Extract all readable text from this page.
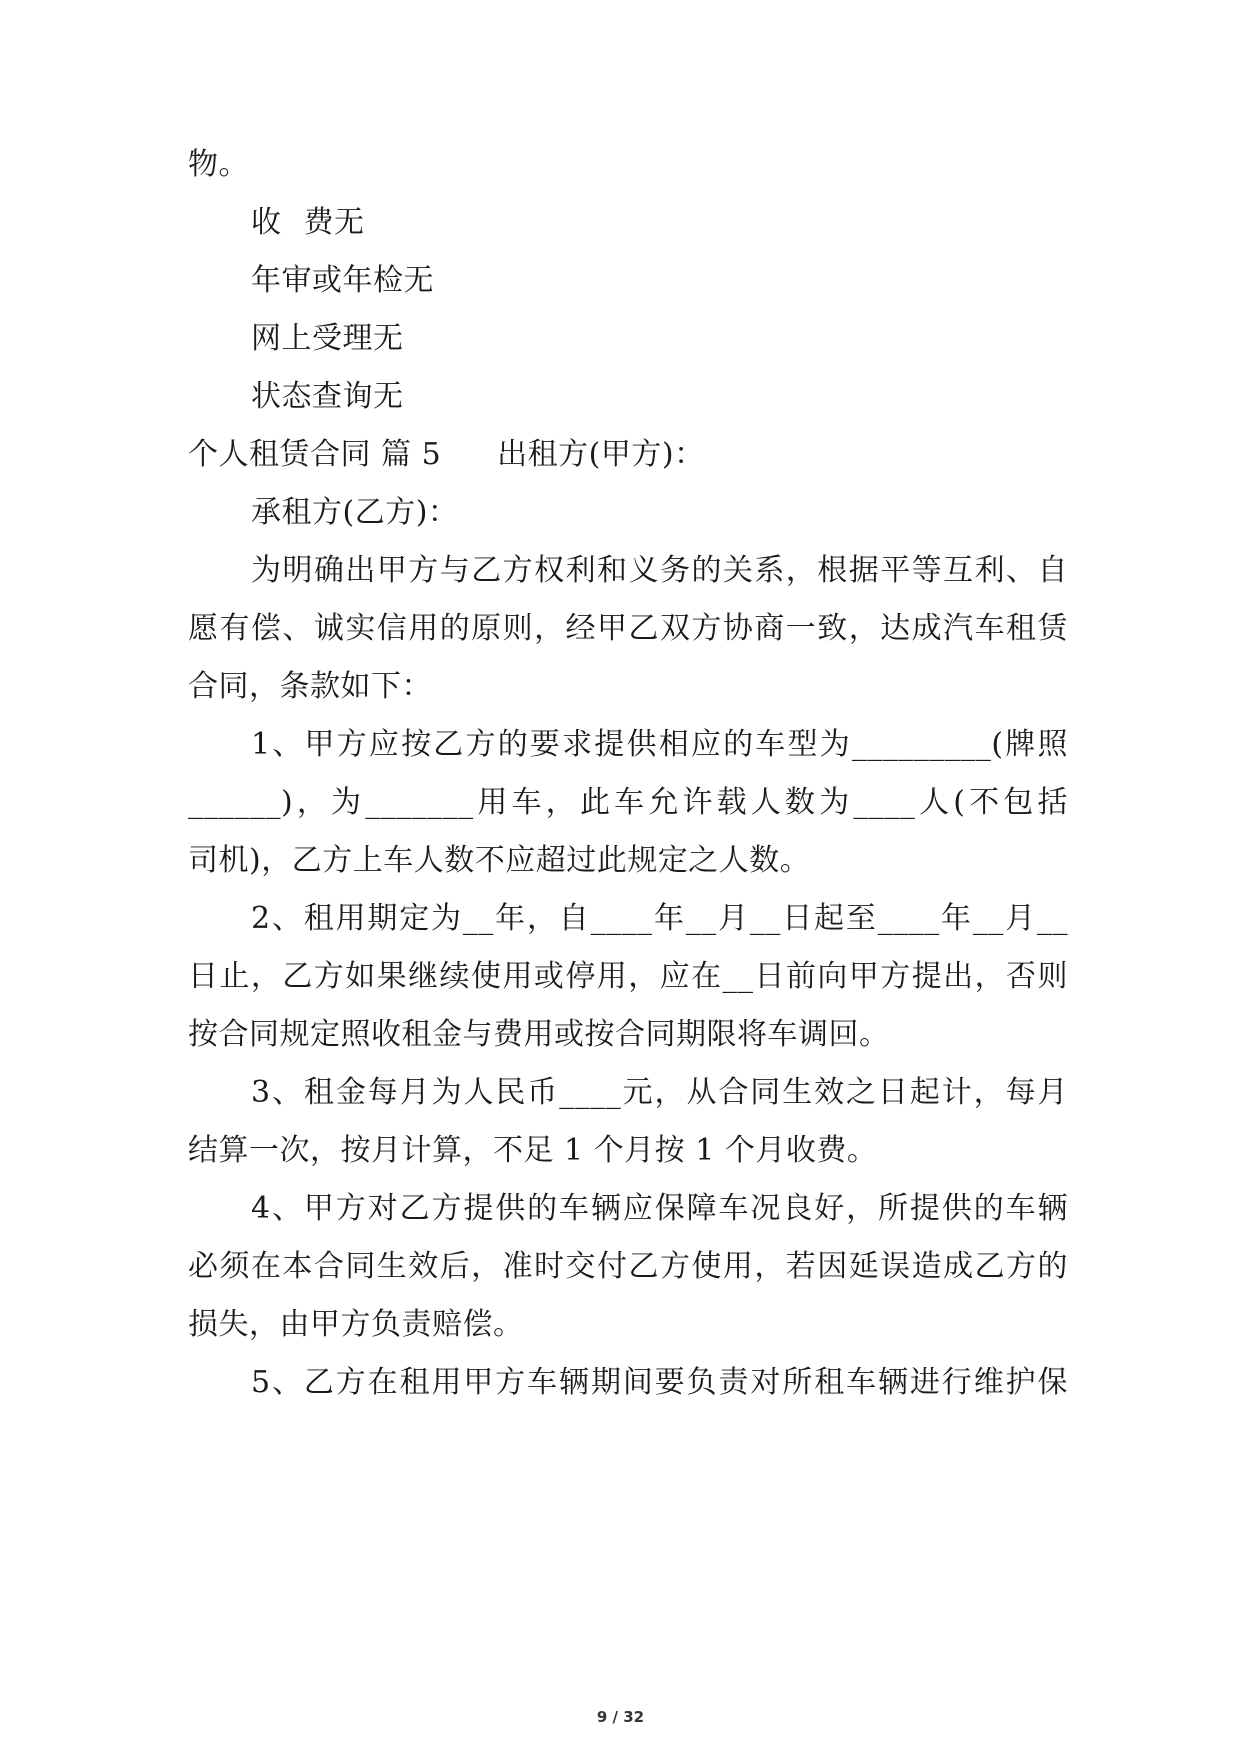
物。
收 费无
年审或年检无
网上受理无
状态查询无
个人租赁合同 篇 5 出租方(甲方)：
承租方(乙方)：
为明确出甲方与乙方权利和义务的关系，根据平等互利、自
愿有偿、诚实信用的原则，经甲乙双方协商一致，达成汽车租赁
合同，条款如下：
1、甲方应按乙方的要求提供相应的车型为_________(牌照
______)，为_______用车，此车允许载人数为____人(不包括
司机)，乙方上车人数不应超过此规定之人数。
2、租用期定为__年，自____年__月__日起至____年__月__
日止，乙方如果继续使用或停用，应在__日前向甲方提出，否则
按合同规定照收租金与费用或按合同期限将车调回。
3、租金每月为人民币____元，从合同生效之日起计，每月
结算一次，按月计算，不足 1 个月按 1 个月收费。
4、甲方对乙方提供的车辆应保障车况良好，所提供的车辆
必须在本合同生效后，准时交付乙方使用，若因延误造成乙方的
损失，由甲方负责赔偿。
5、乙方在租用甲方车辆期间要负责对所租车辆进行维护保
9 / 32
